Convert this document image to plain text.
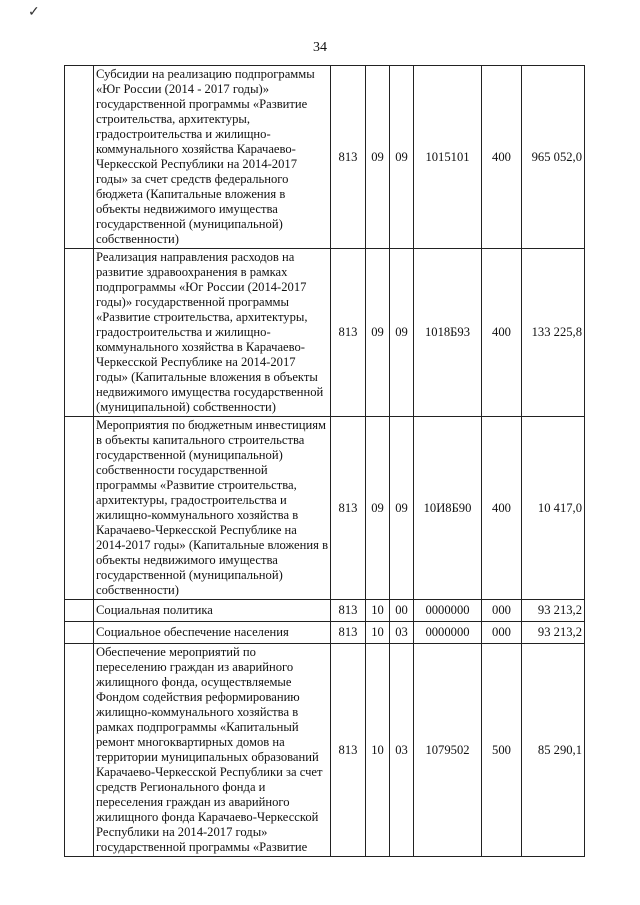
✓
34

	Субсидии на реализацию подпрограммы «Юг России (2014 - 2017 годы)» государственной программы «Развитие строительства, архитектуры, градостроительства и жилищно-коммунального хозяйства Карачаево-Черкесской Республики на 2014-2017 годы» за счет средств федерального бюджета (Капитальные вложения в объекты недвижимого имущества государственной (муниципальной) собственности)	813	09	09	1015101	400	965 052,0

	Реализация направления расходов на развитие здравоохранения в рамках подпрограммы «Юг России (2014-2017 годы)» государственной программы «Развитие строительства, архитектуры, градостроительства и жилищно-коммунального хозяйства в Карачаево-Черкесской Республике на 2014-2017 годы» (Капитальные вложения в объекты недвижимого имущества государственной (муниципальной) собственности)	813	09	09	1018Б93	400	133 225,8

	Мероприятия по бюджетным инвестициям в объекты капитального строительства государственной (муниципальной) собственности государственной программы «Развитие строительства, архитектуры, градостроительства и жилищно-коммунального хозяйства в Карачаево-Черкесской Республике на 2014-2017 годы» (Капитальные вложения в объекты недвижимого имущества государственной (муниципальной) собственности)	813	09	09	10И8Б90	400	10 417,0

	Социальная политика	813	10	00	0000000	000	93 213,2

	Социальное обеспечение населения	813	10	03	0000000	000	93 213,2

	Обеспечение мероприятий по переселению граждан из аварийного жилищного фонда, осуществляемые Фондом содействия реформированию жилищно-коммунального хозяйства в рамках подпрограммы «Капитальный ремонт многоквартирных домов на территории муниципальных образований Карачаево-Черкесской Республики за счет средств Регионального фонда и переселения граждан из аварийного жилищного фонда Карачаево-Черкесской Республики на 2014-2017 годы» государственной программы «Развитие	813	10	03	1079502	500	85 290,1
